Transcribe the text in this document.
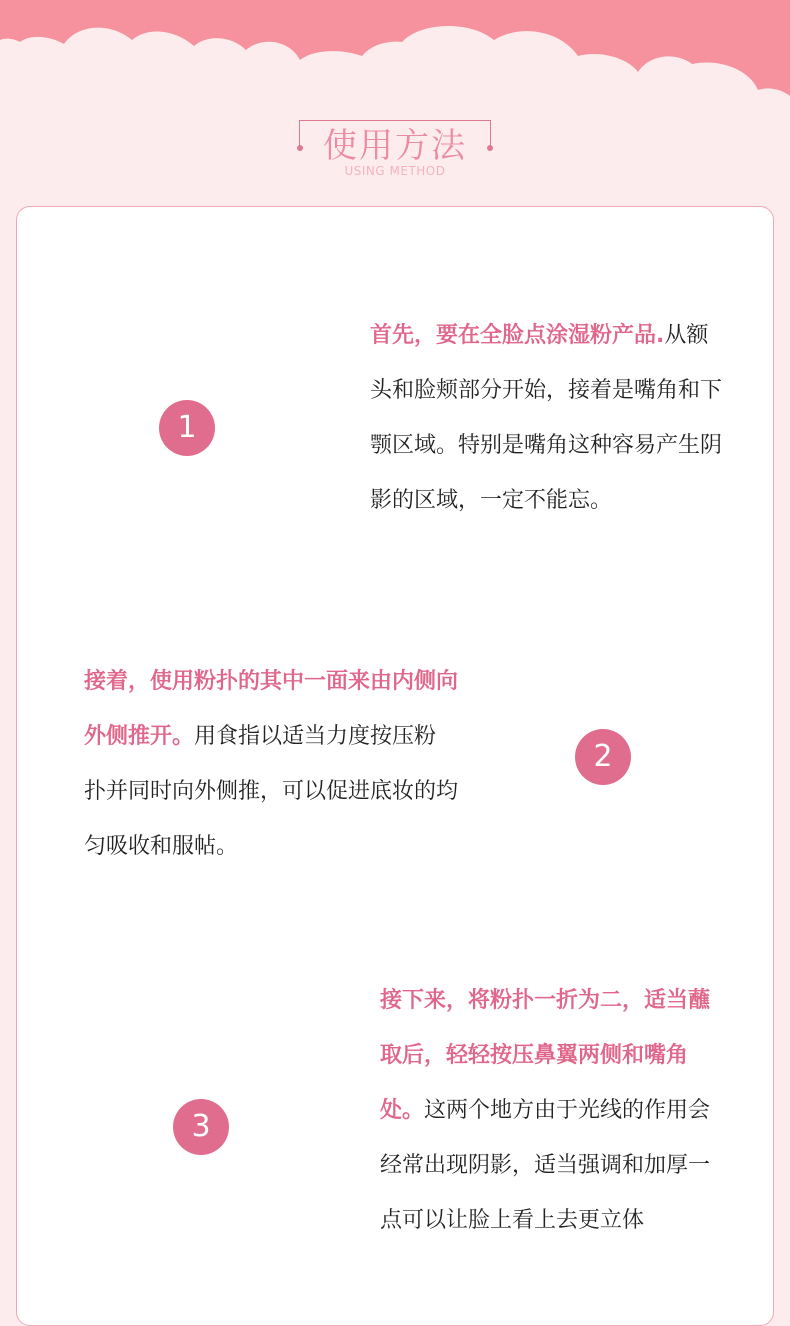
使用方法
USING METHOD
1
首先，要在全脸点涂湿粉产品.从额头和脸颊部分开始，接着是嘴角和下颚区域。特别是嘴角这种容易产生阴影的区域，一定不能忘。
2
接着，使用粉扑的其中一面来由内侧向外侧推开。用食指以适当力度按压粉扑并同时向外侧推，可以促进底妆的均匀吸收和服帖。
3
接下来，将粉扑一折为二，适当蘸取后，轻轻按压鼻翼两侧和嘴角处。这两个地方由于光线的作用会经常出现阴影，适当强调和加厚一点可以让脸上看上去更立体
